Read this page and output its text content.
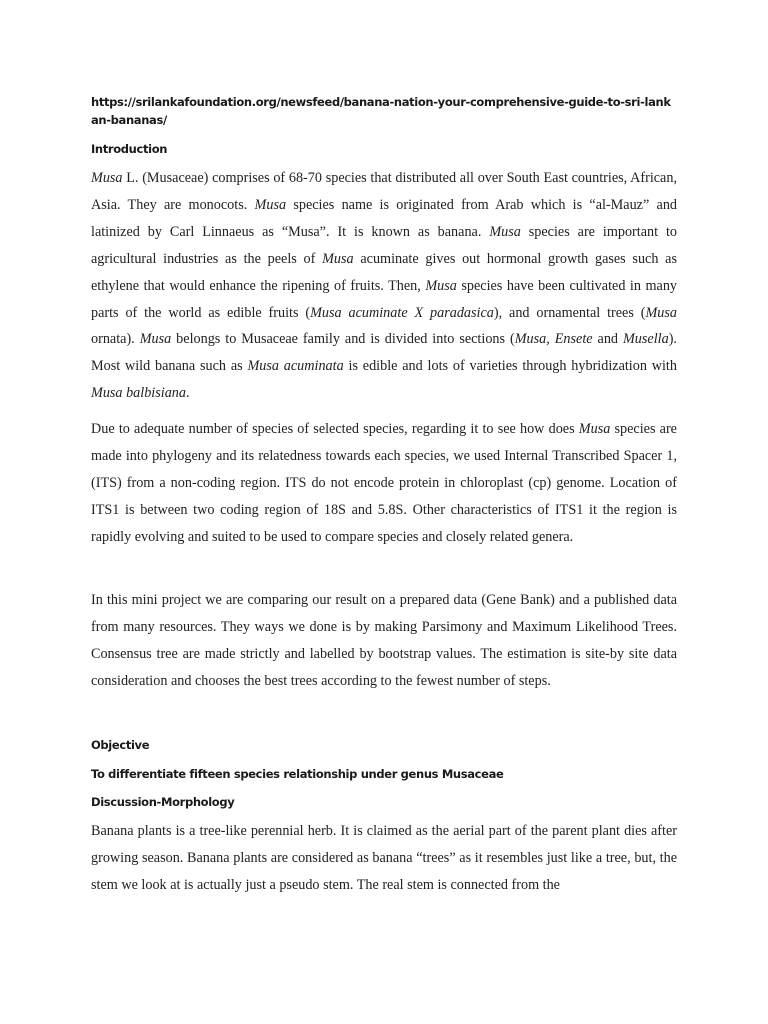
https://srilankafoundation.org/newsfeed/banana-nation-your-comprehensive-guide-to-sri-lankan-bananas/

Introduction

Musa L. (Musaceae) comprises of 68-70 species that distributed all over South East countries, African, Asia. They are monocots. Musa species name is originated from Arab which is “al-Mauz” and latinized by Carl Linnaeus as “Musa”. It is known as banana. Musa species are important to agricultural industries as the peels of Musa acuminate gives out hormonal growth gases such as ethylene that would enhance the ripening of fruits. Then, Musa species have been cultivated in many parts of the world as edible fruits (Musa acuminate X paradasica), and ornamental trees (Musa ornata). Musa belongs to Musaceae family and is divided into sections (Musa, Ensete and Musella). Most wild banana such as Musa acuminata is edible and lots of varieties through hybridization with Musa balbisiana.

Due to adequate number of species of selected species, regarding it to see how does Musa species are made into phylogeny and its relatedness towards each species, we used Internal Transcribed Spacer 1, (ITS) from a non-coding region. ITS do not encode protein in chloroplast (cp) genome. Location of ITS1 is between two coding region of 18S and 5.8S. Other characteristics of ITS1 it the region is rapidly evolving and suited to be used to compare species and closely related genera.

In this mini project we are comparing our result on a prepared data (Gene Bank) and a published data from many resources. They ways we done is by making Parsimony and Maximum Likelihood Trees. Consensus tree are made strictly and labelled by bootstrap values. The estimation is site-by site data consideration and chooses the best trees according to the fewest number of steps.

Objective

To differentiate fifteen species relationship under genus Musaceae

Discussion-Morphology

Banana plants is a tree-like perennial herb. It is claimed as the aerial part of the parent plant dies after growing season. Banana plants are considered as banana “trees” as it resembles just like a tree, but, the stem we look at is actually just a pseudo stem. The real stem is connected from the
